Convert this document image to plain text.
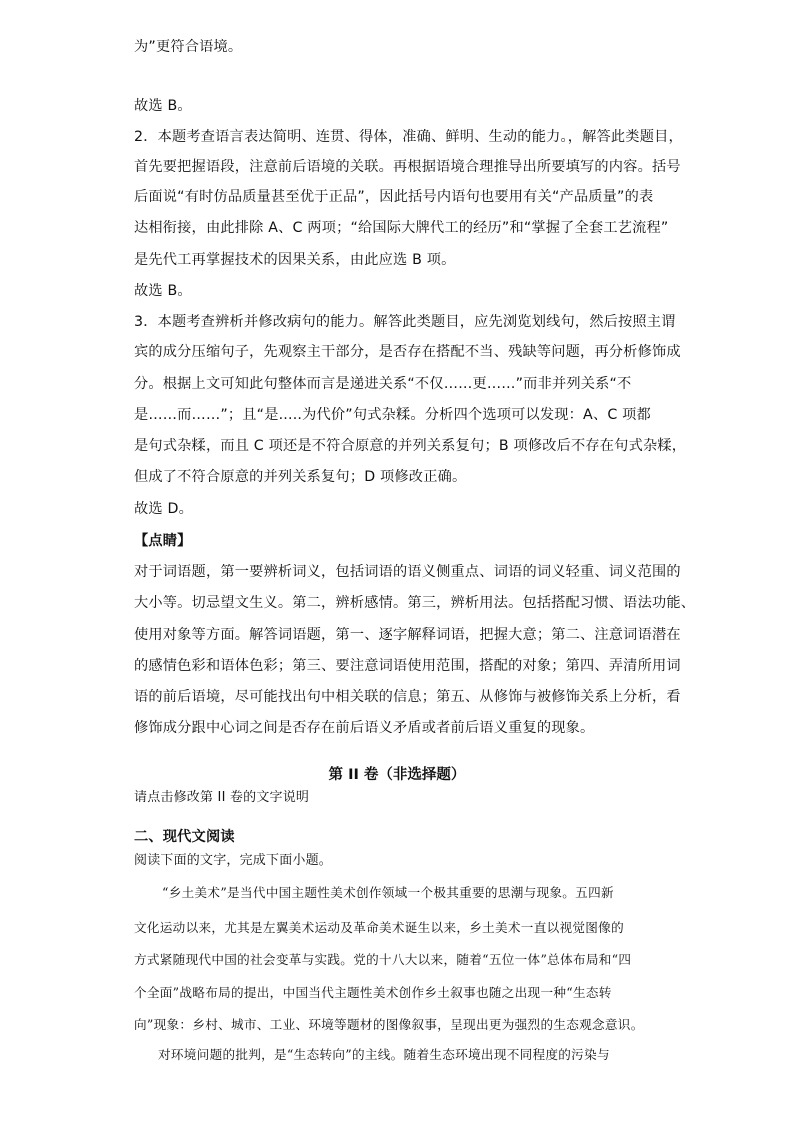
为”更符合语境。
故选 B。
2．本题考查语言表达简明、连贯、得体，准确、鲜明、生动的能力。，解答此类题目，
首先要把握语段，注意前后语境的关联。再根据语境合理推导出所要填写的内容。括号
后面说“有时仿品质量甚至优于正品”，因此括号内语句也要用有关“产品质量”的表
达相衔接，由此排除 A、C 两项；“给国际大牌代工的经历”和“掌握了全套工艺流程”
是先代工再掌握技术的因果关系，由此应选 B 项。
故选 B。
3．本题考查辨析并修改病句的能力。解答此类题目，应先浏览划线句，然后按照主谓
宾的成分压缩句子，先观察主干部分，是否存在搭配不当、残缺等问题，再分析修饰成
分。根据上文可知此句整体而言是递进关系“不仅……更……”而非并列关系“不
是……而……”；且“是.....为代价”句式杂糅。分析四个选项可以发现：A、C 项都
是句式杂糅，而且 C 项还是不符合原意的并列关系复句；B 项修改后不存在句式杂糅，
但成了不符合原意的并列关系复句；D 项修改正确。
故选 D。
【点睛】
对于词语题，第一要辨析词义，包括词语的语义侧重点、词语的词义轻重、词义范围的
大小等。切忌望文生义。第二，辨析感情。第三，辨析用法。包括搭配习惯、语法功能、
使用对象等方面。解答词语题，第一、逐字解释词语，把握大意；第二、注意词语潜在
的感情色彩和语体色彩；第三、要注意词语使用范围，搭配的对象；第四、弄清所用词
语的前后语境，尽可能找出句中相关联的信息；第五、从修饰与被修饰关系上分析，看
修饰成分跟中心词之间是否存在前后语义矛盾或者前后语义重复的现象。
第 II 卷（非选择题）
请点击修改第 II 卷的文字说明
二、现代文阅读
阅读下面的文字，完成下面小题。
“乡土美术”是当代中国主题性美术创作领域一个极其重要的思潮与现象。五四新
文化运动以来，尤其是左翼美术运动及革命美术诞生以来，乡土美术一直以视觉图像的
方式紧随现代中国的社会变革与实践。党的十八大以来，随着“五位一体”总体布局和“四
个全面”战略布局的提出，中国当代主题性美术创作乡土叙事也随之出现一种“生态转
向”现象：乡村、城市、工业、环境等题材的图像叙事，呈现出更为强烈的生态观念意识。
对环境问题的批判，是“生态转向”的主线。随着生态环境出现不同程度的污染与
